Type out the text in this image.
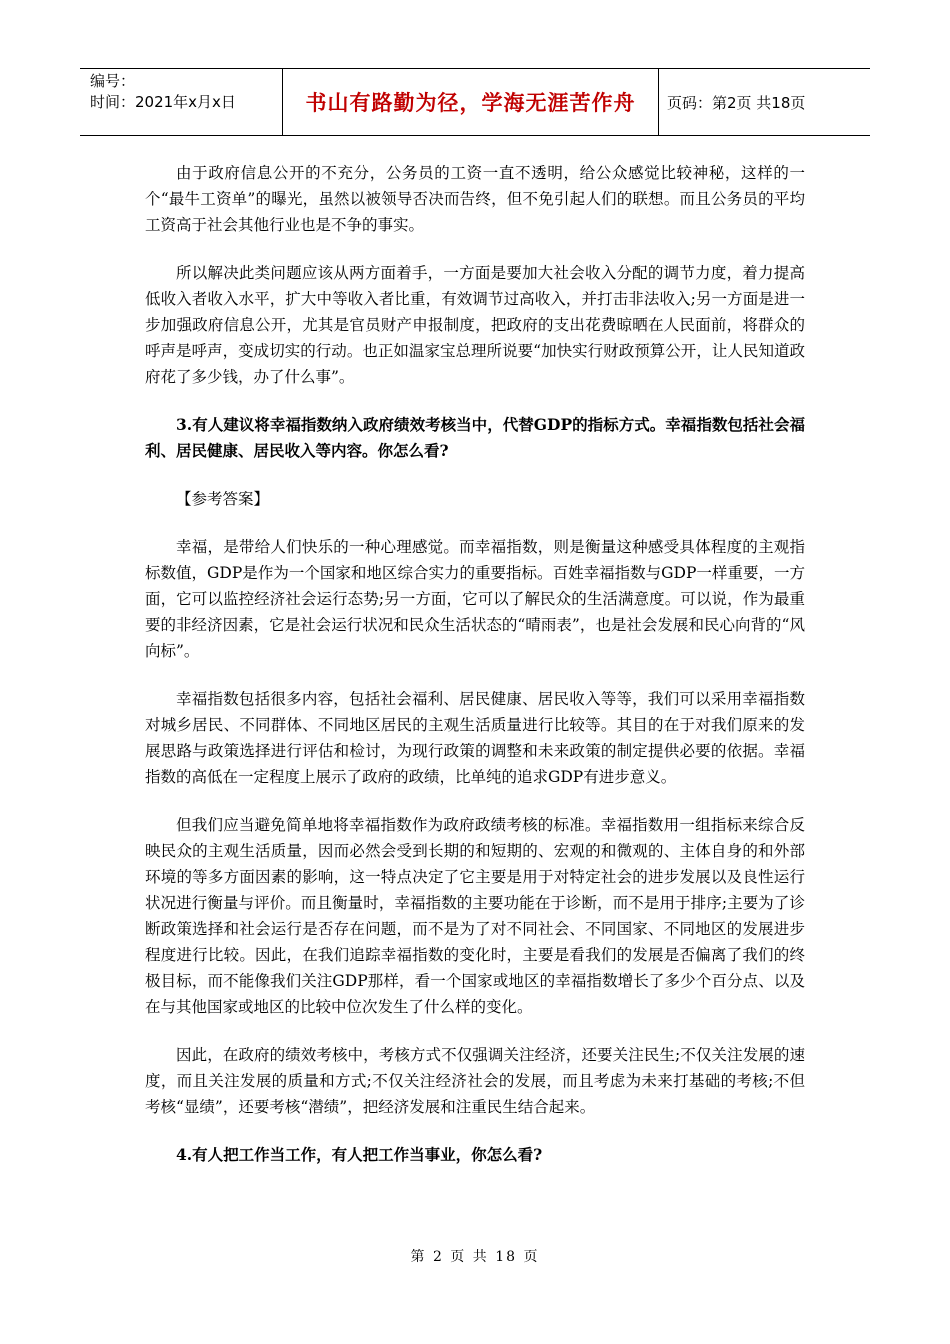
编号：
时间：2021年x月x日	书山有路勤为径，学海无涯苦作舟	页码：第2页 共18页

由于政府信息公开的不充分，公务员的工资一直不透明，给公众感觉比较神秘，这样的一个“最牛工资单”的曝光，虽然以被领导否决而告终，但不免引起人们的联想。而且公务员的平均工资高于社会其他行业也是不争的事实。

所以解决此类问题应该从两方面着手，一方面是要加大社会收入分配的调节力度，着力提高低收入者收入水平，扩大中等收入者比重，有效调节过高收入，并打击非法收入;另一方面是进一步加强政府信息公开，尤其是官员财产申报制度，把政府的支出花费晾晒在人民面前，将群众的呼声是呼声，变成切实的行动。也正如温家宝总理所说要“加快实行财政预算公开，让人民知道政府花了多少钱，办了什么事”。

3.有人建议将幸福指数纳入政府绩效考核当中，代替GDP的指标方式。幸福指数包括社会福利、居民健康、居民收入等内容。你怎么看?

【参考答案】

幸福，是带给人们快乐的一种心理感觉。而幸福指数，则是衡量这种感受具体程度的主观指标数值，GDP是作为一个国家和地区综合实力的重要指标。百姓幸福指数与GDP一样重要，一方面，它可以监控经济社会运行态势;另一方面，它可以了解民众的生活满意度。可以说，作为最重要的非经济因素，它是社会运行状况和民众生活状态的“晴雨表”，也是社会发展和民心向背的“风向标”。

幸福指数包括很多内容，包括社会福利、居民健康、居民收入等等，我们可以采用幸福指数对城乡居民、不同群体、不同地区居民的主观生活质量进行比较等。其目的在于对我们原来的发展思路与政策选择进行评估和检讨，为现行政策的调整和未来政策的制定提供必要的依据。幸福指数的高低在一定程度上展示了政府的政绩，比单纯的追求GDP有进步意义。

但我们应当避免简单地将幸福指数作为政府政绩考核的标准。幸福指数用一组指标来综合反映民众的主观生活质量，因而必然会受到长期的和短期的、宏观的和微观的、主体自身的和外部环境的等多方面因素的影响，这一特点决定了它主要是用于对特定社会的进步发展以及良性运行状况进行衡量与评价。而且衡量时，幸福指数的主要功能在于诊断，而不是用于排序;主要为了诊断政策选择和社会运行是否存在问题，而不是为了对不同社会、不同国家、不同地区的发展进步程度进行比较。因此，在我们追踪幸福指数的变化时，主要是看我们的发展是否偏离了我们的终极目标，而不能像我们关注GDP那样，看一个国家或地区的幸福指数增长了多少个百分点、以及在与其他国家或地区的比较中位次发生了什么样的变化。

因此，在政府的绩效考核中，考核方式不仅强调关注经济，还要关注民生;不仅关注发展的速度，而且关注发展的质量和方式;不仅关注经济社会的发展，而且考虑为未来打基础的考核;不但考核“显绩”，还要考核“潜绩”，把经济发展和注重民生结合起来。

4.有人把工作当工作，有人把工作当事业，你怎么看?

第 2 页 共 18 页
